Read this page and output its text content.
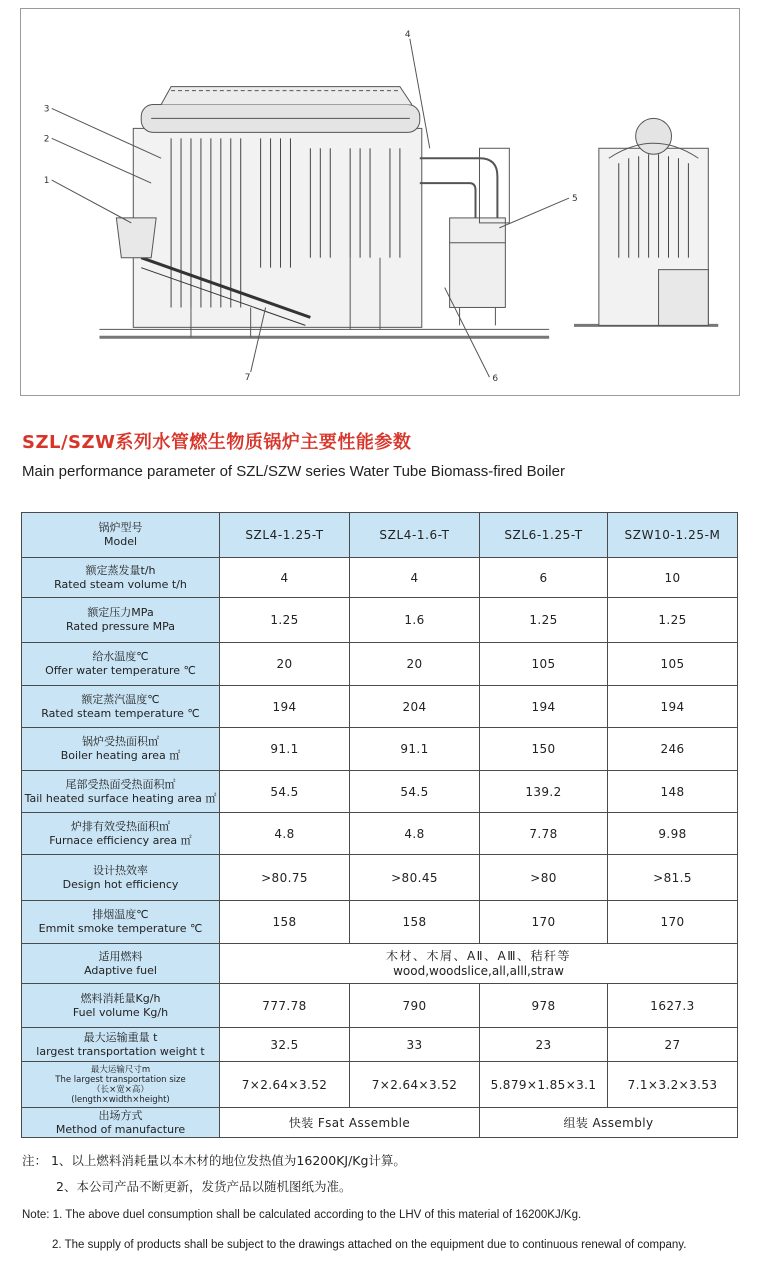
1
2
3
4
5
6
7
SZL/SZW系列水管燃生物质锅炉主要性能参数
Main performance parameter of SZL/SZW series Water Tube Biomass-fired Boiler
锅炉型号
Model	SZL4-1.25-T	SZL4-1.6-T	SZL6-1.25-T	SZW10-1.25-M
额定蒸发量t/h
Rated steam volume t/h	4	4	6	10
额定压力MPa
Rated pressure MPa	1.25	1.6	1.25	1.25
给水温度℃
Offer water temperature ℃	20	20	105	105
额定蒸汽温度℃
Rated steam temperature ℃	194	204	194	194
锅炉受热面积㎡
Boiler heating area ㎡	91.1	91.1	150	246
尾部受热面受热面积㎡
Tail heated surface heating area ㎡	54.5	54.5	139.2	148
炉排有效受热面积㎡
Furnace efficiency area ㎡	4.8	4.8	7.78	9.98
设计热效率
Design hot efficiency	>80.75	>80.45	>80	>81.5
排烟温度℃
Emmit smoke temperature ℃	158	158	170	170
适用燃料
Adaptive fuel	木材、木屑、AⅡ、AⅢ、秸秆等
wood,woodslice,all,alll,straw			
燃料消耗量Kg/h
Fuel volume Kg/h	777.78	790	978	1627.3
最大运输重量 t
largest transportation weight t	32.5	33	23	27
最大运输尺寸m
The largest transportation size
（长×宽×高）
(length×width×height)	7×2.64×3.52	7×2.64×3.52	5.879×1.85×3.1	7.1×3.2×3.53
出场方式
Method of manufacture	快装 Fsat Assemble		组装 Assembly	
注： 1、以上燃料消耗量以本木材的地位发热值为16200KJ/Kg计算。
2、本公司产品不断更新，发货产品以随机图纸为准。
Note: 1. The above duel consumption shall be calculated according to the LHV of this material of 16200KJ/Kg.
2. The supply of products shall be subject to the drawings attached on the equipment due to continuous renewal of company.
